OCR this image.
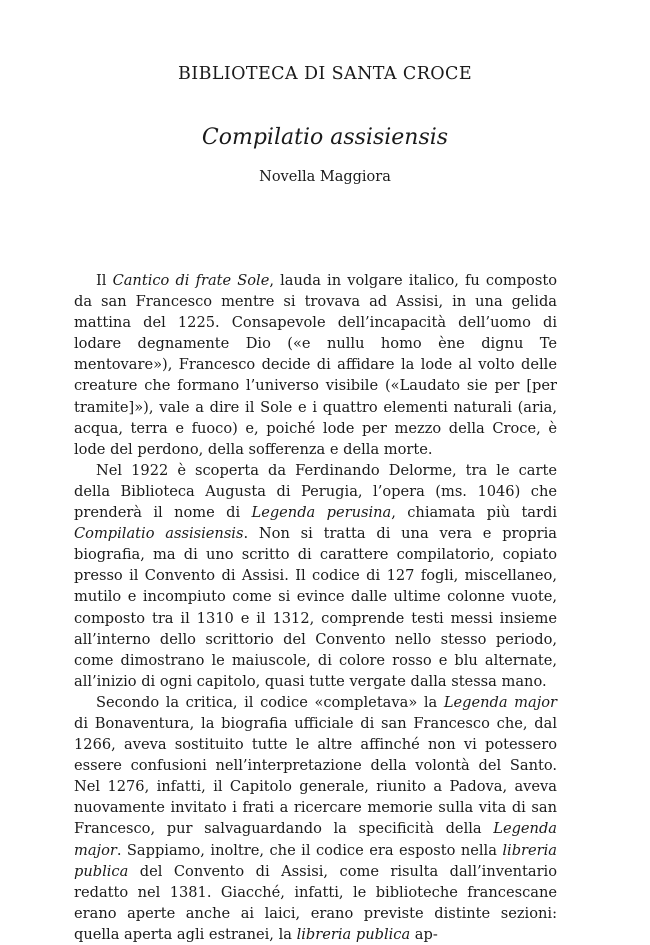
BIBLIOTECA DI SANTA CROCE
Compilatio assisiensis
Novella Maggiora

Il Cantico di frate Sole, lauda in volgare italico, fu composto da san Francesco mentre si trovava ad Assisi, in una gelida mattina del 1225. Consapevole dell’incapacità dell’uomo di lodare degnamente Dio («e nullu homo ène dignu Te mentovare»), Francesco decide di affidare la lode al volto delle creature che formano l’universo visibile («Laudato sie per [per tramite]»), vale a dire il Sole e i quattro elementi naturali (aria, acqua, terra e fuoco) e, poiché lode per mezzo della Croce, è lode del perdono, della sofferenza e della morte.

Nel 1922 è scoperta da Ferdinando Delorme, tra le carte della Biblioteca Augusta di Perugia, l’opera (ms. 1046) che prenderà il nome di Legenda perusina, chiamata più tardi Compilatio assisiensis. Non si tratta di una vera e propria biografia, ma di uno scritto di carattere compilatorio, copiato presso il Convento di Assisi. Il codice di 127 fogli, miscellaneo, mutilo e incompiuto come si evince dalle ultime colonne vuote, composto tra il 1310 e il 1312, comprende testi messi insieme all’interno dello scrittorio del Convento nello stesso periodo, come dimostrano le maiuscole, di colore rosso e blu alternate, all’inizio di ogni capitolo, quasi tutte vergate dalla stessa mano.

Secondo la critica, il codice «completava» la Legenda major di Bonaventura, la biografia ufficiale di san Francesco che, dal 1266, aveva sostituito tutte le altre affinché non vi potessero essere confusioni nell’interpretazione della volontà del Santo. Nel 1276, infatti, il Capitolo generale, riunito a Padova, aveva nuovamente invitato i frati a ricercare memorie sulla vita di san Francesco, pur salvaguardando la specificità della Legenda major. Sappiamo, inoltre, che il codice era esposto nella libreria publica del Convento di Assisi, come risulta dall’inventario redatto nel 1381. Giacché, infatti, le biblioteche francescane erano aperte anche ai laici, erano previste distinte sezioni: quella aperta agli estranei, la libreria publica ap-
